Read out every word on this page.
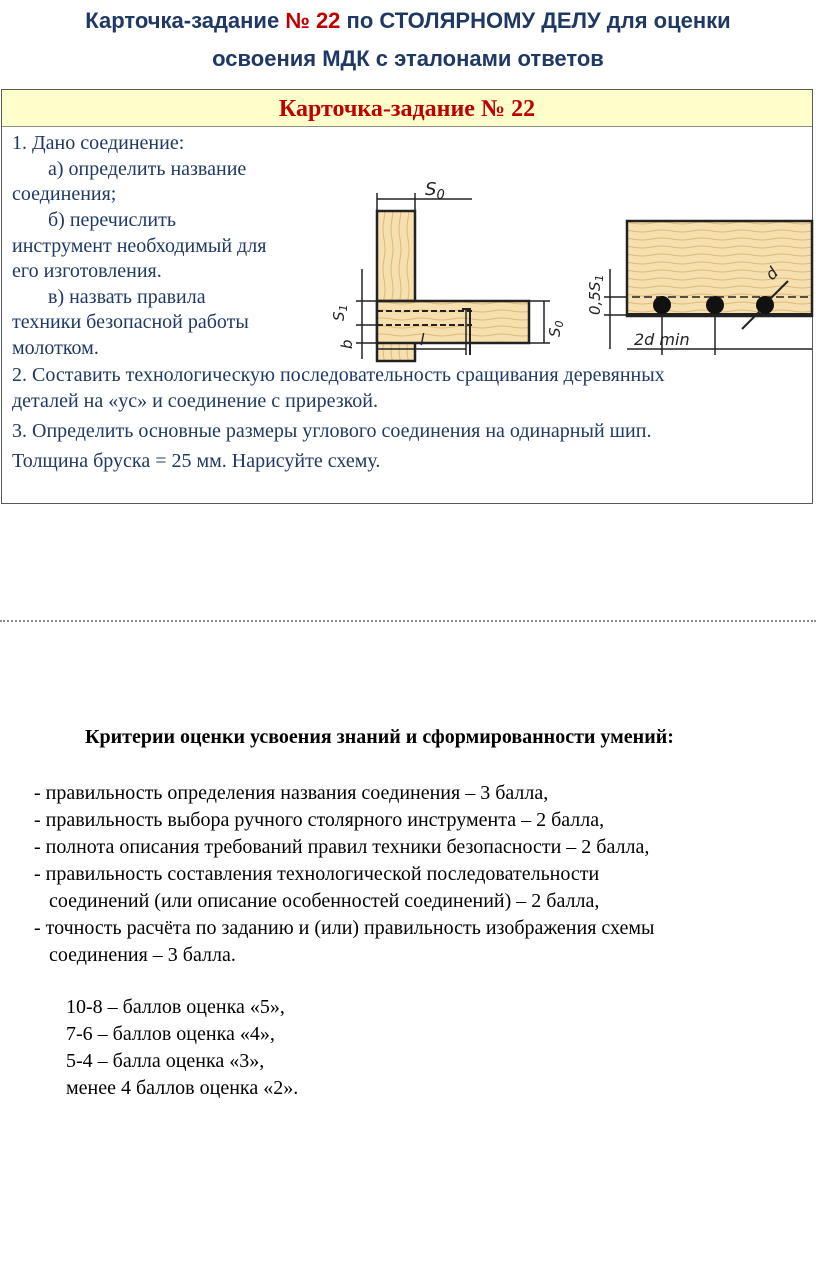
Карточка-задание № 22 по СТОЛЯРНОМУ ДЕЛУ для оценки
освоения МДК с эталонами ответов
Карточка-задание № 22
1. Дано соединение:
а) определить название
соединения;
б) перечислить
инструмент необходимый для
его изготовления.
в) назвать правила
техники безопасной работы
молотком.
2. Составить технологическую последовательность сращивания деревянных
деталей на «ус» и соединение с прирезкой.
3. Определить основные размеры углового соединения на одинарный шип.
Толщина бруска = 25 мм. Нарисуйте схему.
$S_0$
$S_1$
b
$S_0$
l
d
$0,5S_1$
2d min
Критерии оценки усвоения знаний и сформированности умений:
- правильность определения названия соединения – 3 балла,
- правильность выбора ручного столярного инструмента – 2 балла,
- полнота описания требований правил техники безопасности – 2 балла,
- правильность составления технологической последовательности
соединений (или описание особенностей соединений) – 2 балла,
- точность расчёта по заданию и (или) правильность изображения схемы
соединения – 3 балла.
10-8 – баллов оценка «5»,
7-6 – баллов оценка «4»,
5-4 – балла оценка «3»,
менее 4 баллов оценка «2».
